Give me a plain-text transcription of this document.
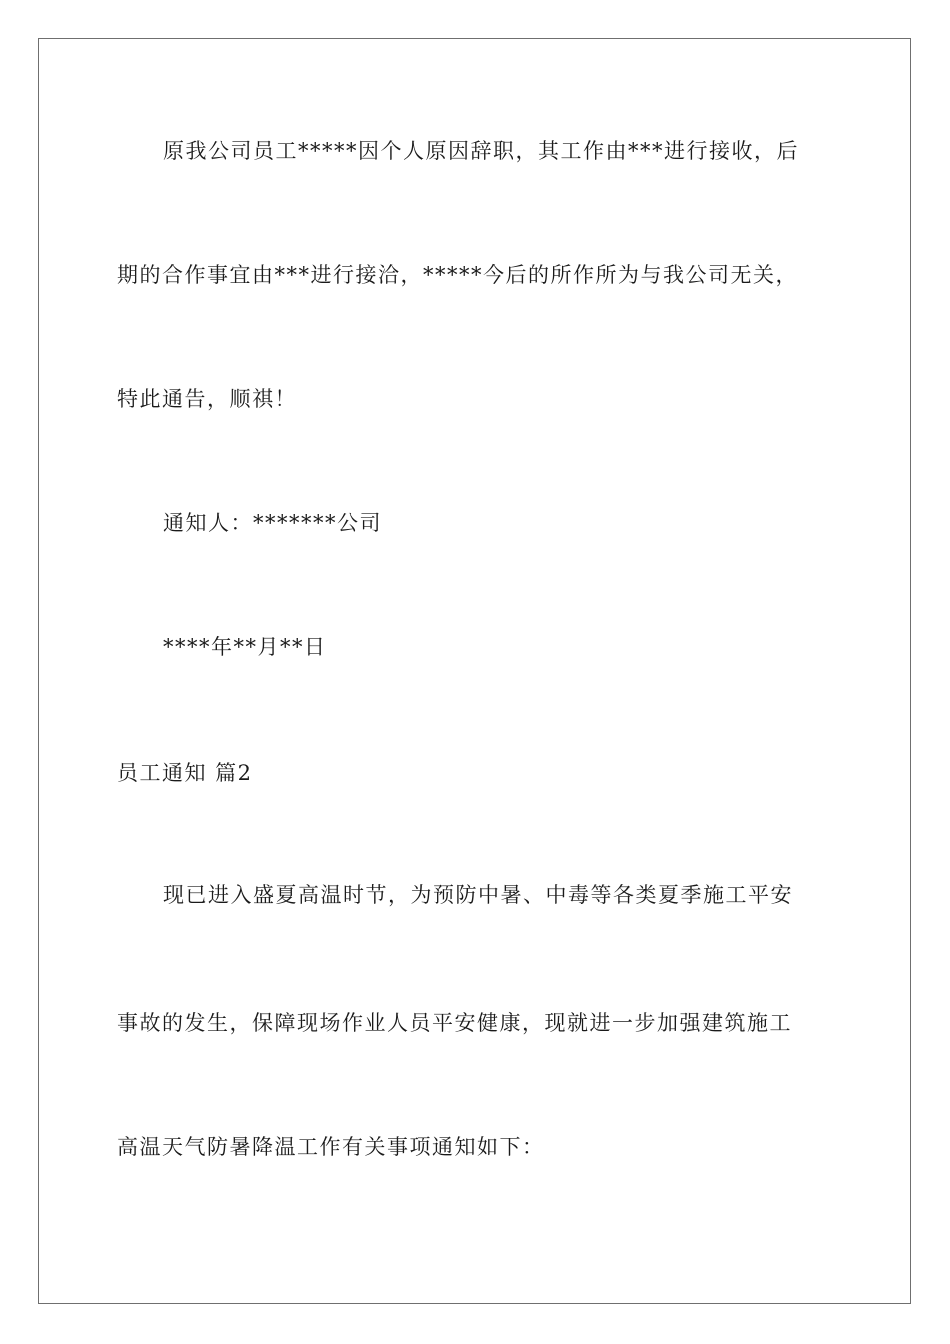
原我公司员工*****因个人原因辞职，其工作由***进行接收，后
期的合作事宜由***进行接洽，*****今后的所作所为与我公司无关，
特此通告，顺祺！
通知人：*******公司
****年**月**日
员工通知 篇2
现已进入盛夏高温时节，为预防中暑、中毒等各类夏季施工平安
事故的发生，保障现场作业人员平安健康，现就进一步加强建筑施工
高温天气防暑降温工作有关事项通知如下：
